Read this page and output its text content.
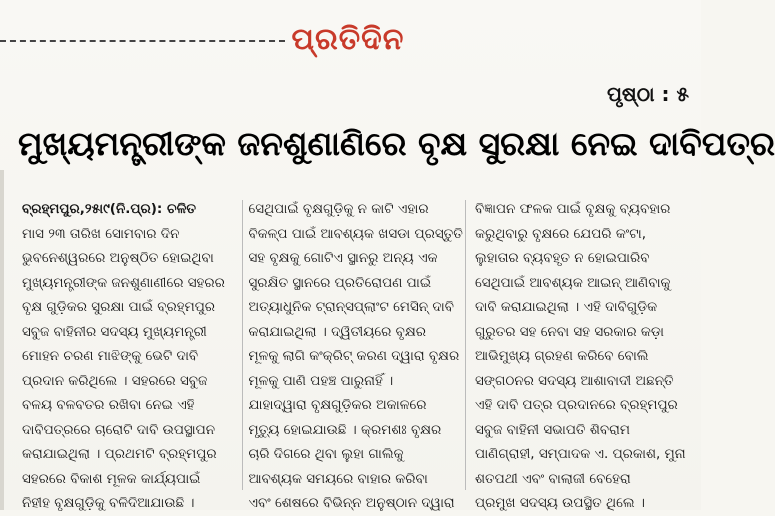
ପ୍ରତିଦିନ
ପୃଷ୍ଠା : ୫
ମୁଖ୍ୟମନ୍ତ୍ରୀଙ୍କ ଜନଶୁଣାଣିରେ ବୃକ୍ଷ ସୁରକ୍ଷା ନେଇ ଦାବିପତ୍ର
ବ୍ରହ୍ମପୁର,୨୫ା୯(ନି.ପ୍ର): ଚଳିତ
ମାସ ୨୩ ତାରିଖ ସୋମବାର ଦିନ
ଭୁବନେଶ୍ୱରରେ ଅନୁଷ୍ଠିତ ହୋଇଥିବା
ମୁଖ୍ୟମନ୍ତ୍ରୀଙ୍କ ଜନଶୁଣାଣୀରେ ସହରର
ବୃକ୍ଷ ଗୁଡ଼ିକର ସୁରକ୍ଷା ପାଇଁ ବ୍ରହ୍ମପୁର
ସବୁଜ ବାହିନୀର ସଦସ୍ୟ ମୁଖ୍ୟମନ୍ତ୍ରୀ
ମୋହନ ଚରଣ ମାଝିଙ୍କୁ ଭେଟି ଦାବି
ପ୍ରଦାନ କରିଥିଲେ । ସହରରେ ସବୁଜ
ବଳୟ ବଳବତର ରଖିବା ନେଇ ଏହି
ଦାବିପତ୍ରରେ ଚାରୋଟି ଦାବି ଉପସ୍ଥାପନ
କରାଯାଇଥିଲା । ପ୍ରଥମଟି ବ୍ରହ୍ମପୁର
ସହରରେ ବିକାଶ ମୂଳକ କାର୍ଯ୍ୟପାଇଁ
ନିହୀହ ବୃକ୍ଷଗୁଡ଼ିକୁ ବଳିଦିଆଯାଉଛି ।
ସେଥିପାଇଁ ବୃକ୍ଷଗୁଡ଼ିକୁ ନ କାଟି ଏହାର
ବିକଳ୍ପ ପାଇଁ ଆବଶ୍ୟକ ଖସଡା ପ୍ରସ୍ତୁତି
ସହ ବୃକ୍ଷକୁ ଗୋଟିଏ ସ୍ଥାନରୁ ଅନ୍ୟ ଏକ
ସୁରକ୍ଷିତ ସ୍ଥାନରେ ପ୍ରତିରୋପଣ ପାଇଁ
ଅତ୍ୟାଧୁନିକ ଟ୍ରାନ୍ସପ୍ଲାଂଟ ମେସିନ୍ ଦାବି
କରାଯାଇଥିଲା । ଦ୍ୱିତୀୟରେ ବୃକ୍ଷର
ମୂଳକୁ ଲାଗି କଂକ୍ରିଟ୍ କରଣ ଦ୍ୱାରା ବୃକ୍ଷର
ମୂଳକୁ ପାଣି ପହଞ୍ଚ ପାରୁନାହିଁ ।
ଯାହାଦ୍ୱାରା ବୃକ୍ଷଗୁଡ଼ିକର ଅକାଳରେ
ମୃତ୍ୟୁ ହୋଇଯାଉଛି । କ୍ରମଶଃ ବୃକ୍ଷର
ଚାରି ଦିଗରେ ଥିବା ଲୁହା ଗାଲିକୁ
ଆବଶ୍ୟକ ସମୟରେ ବାହାର କରିବା
ଏବଂ ଶେଷରେ ବିଭିନ୍ନ ଅନୁଷ୍ଠାନ ଦ୍ୱାରା
ବିଜ୍ଞାପନ ଫଳକ ପାଇଁ ବୃକ୍ଷକୁ ବ୍ୟବହାର
କରୁଥିବାରୁ ବୃକ୍ଷରେ ଯେପରି କଂଟା,
ଲୁହାତାର ବ୍ୟବହୃତ ନ ହୋଇପାରିବ
ସେଥିପାଇଁ ଆବଶ୍ୟକ ଆଇନ୍ ଆଣିବାକୁ
ଦାବି କରାଯାଇଥିଲା । ଏହି ଦାବିଗୁଡ଼ିକ
ଗୁରୁତର ସହ ନେବା ସହ ସରକାର କଡ଼ା
ଆଭିମୁଖ୍ୟ ଗ୍ରହଣ କରିବେ ବୋଲି
ସଙ୍ଗଠନର ସଦସ୍ୟ ଆଶାବାଦୀ ଅଛନ୍ତି
ଏହି ଦାବି ପତ୍ର ପ୍ରଦାନରେ ବ୍ରହ୍ମପୁର
ସବୁଜ ବାହିନୀ ସଭାପତି ଶିବରାମ
ପାଣିଗ୍ରାହୀ, ସମ୍ପାଦକ ଏ. ପ୍ରକାଶ, ମୁନା
ଶତପଥୀ ଏବଂ ବାଲାଜୀ ବେହେରା
ପ୍ରମୁଖ ସଦସ୍ୟ ଉପସ୍ଥିତ ଥିଲେ ।
